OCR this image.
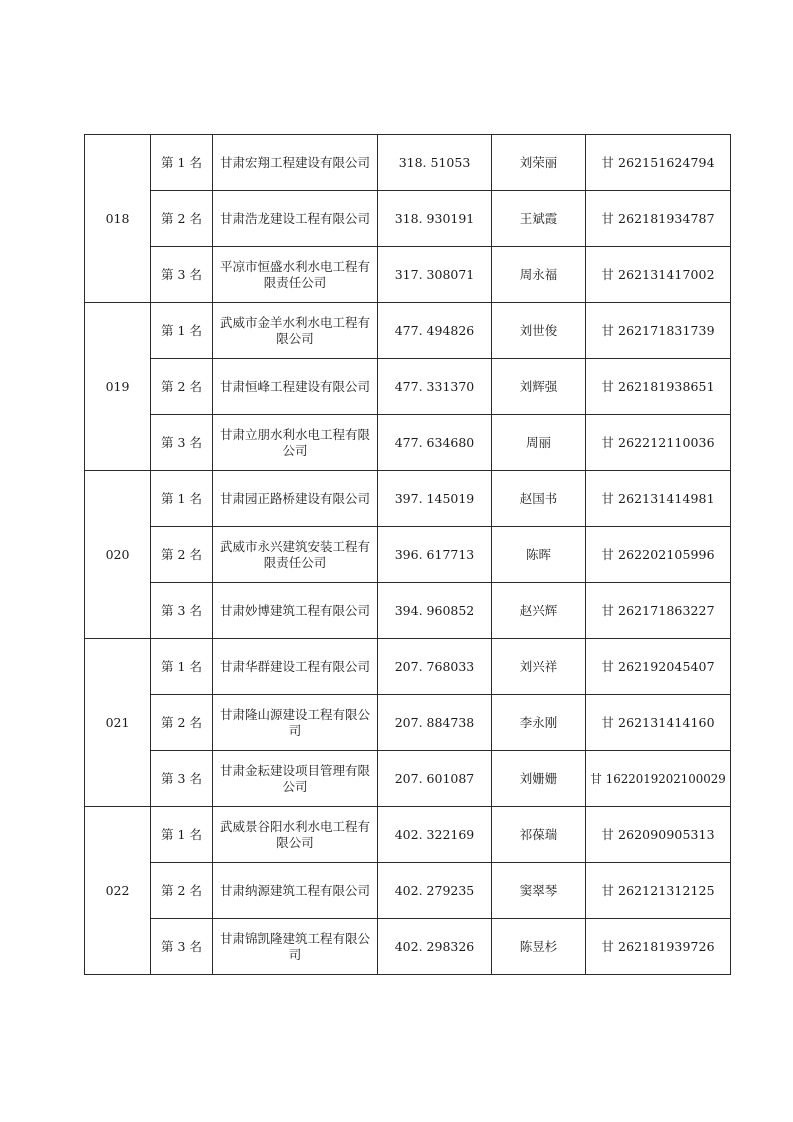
018	第 1 名	甘肃宏翔工程建设有限公司	318. 51053	刘荣丽	甘 262151624794
	第 2 名	甘肃浩龙建设工程有限公司	318. 930191	王斌霞	甘 262181934787
	第 3 名	平凉市恒盛水利水电工程有限责任公司	317. 308071	周永福	甘 262131417002
019	第 1 名	武威市金羊水利水电工程有限公司	477. 494826	刘世俊	甘 262171831739
	第 2 名	甘肃恒峰工程建设有限公司	477. 331370	刘辉强	甘 262181938651
	第 3 名	甘肃立朋水利水电工程有限公司	477. 634680	周丽	甘 262212110036
020	第 1 名	甘肃园正路桥建设有限公司	397. 145019	赵国书	甘 262131414981
	第 2 名	武威市永兴建筑安装工程有限责任公司	396. 617713	陈晖	甘 262202105996
	第 3 名	甘肃妙博建筑工程有限公司	394. 960852	赵兴辉	甘 262171863227
021	第 1 名	甘肃华群建设工程有限公司	207. 768033	刘兴祥	甘 262192045407
	第 2 名	甘肃隆山源建设工程有限公司	207. 884738	李永刚	甘 262131414160
	第 3 名	甘肃金耘建设项目管理有限公司	207. 601087	刘姗姗	甘 1622019202100029
022	第 1 名	武威景谷阳水利水电工程有限公司	402. 322169	祁葆瑞	甘 262090905313
	第 2 名	甘肃纳源建筑工程有限公司	402. 279235	窦翠琴	甘 262121312125
	第 3 名	甘肃锦凯隆建筑工程有限公司	402. 298326	陈昱杉	甘 262181939726
